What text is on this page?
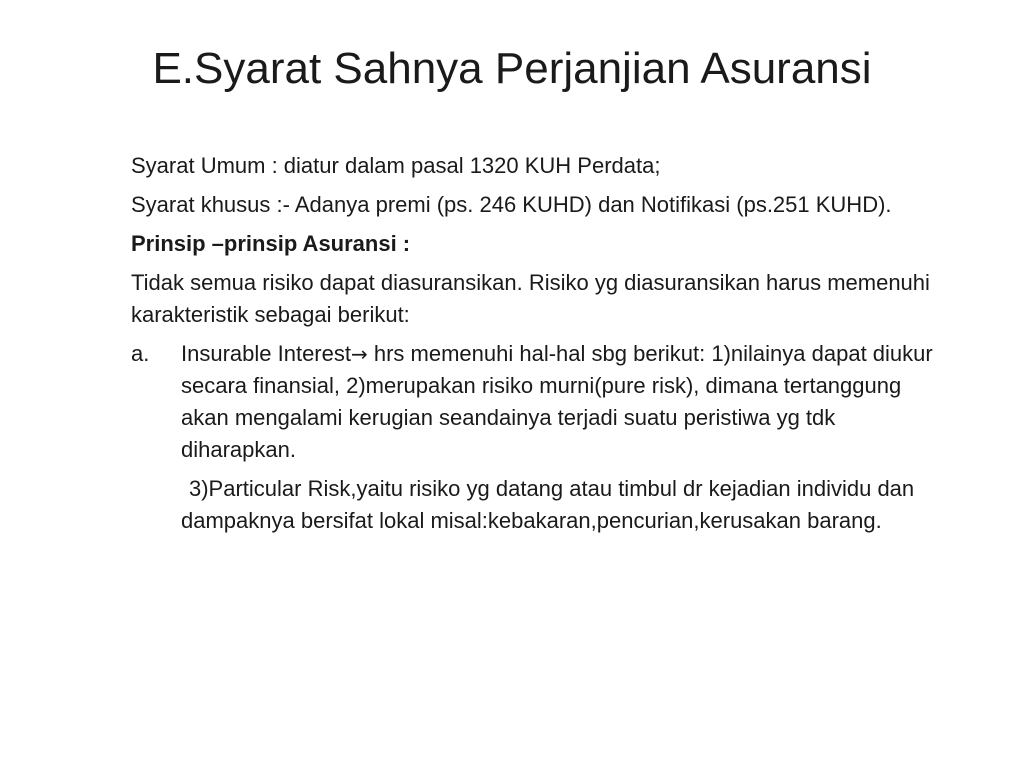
E.Syarat Sahnya Perjanjian Asuransi

Syarat Umum : diatur dalam pasal 1320 KUH Perdata;

Syarat khusus :- Adanya premi (ps. 246 KUHD) dan Notifikasi (ps.251 KUHD).

Prinsip –prinsip Asuransi :

Tidak semua risiko dapat diasuransikan. Risiko yg diasuransikan harus memenuhi karakteristik sebagai berikut:

a. Insurable Interest→ hrs memenuhi hal-hal sbg berikut: 1)nilainya dapat diukur secara finansial, 2)merupakan risiko murni(pure risk), dimana tertanggung akan mengalami kerugian seandainya terjadi suatu peristiwa yg tdk diharapkan.

3)Particular Risk,yaitu risiko yg datang atau timbul dr kejadian individu dan dampaknya bersifat lokal misal:kebakaran,pencurian,kerusakan barang.
